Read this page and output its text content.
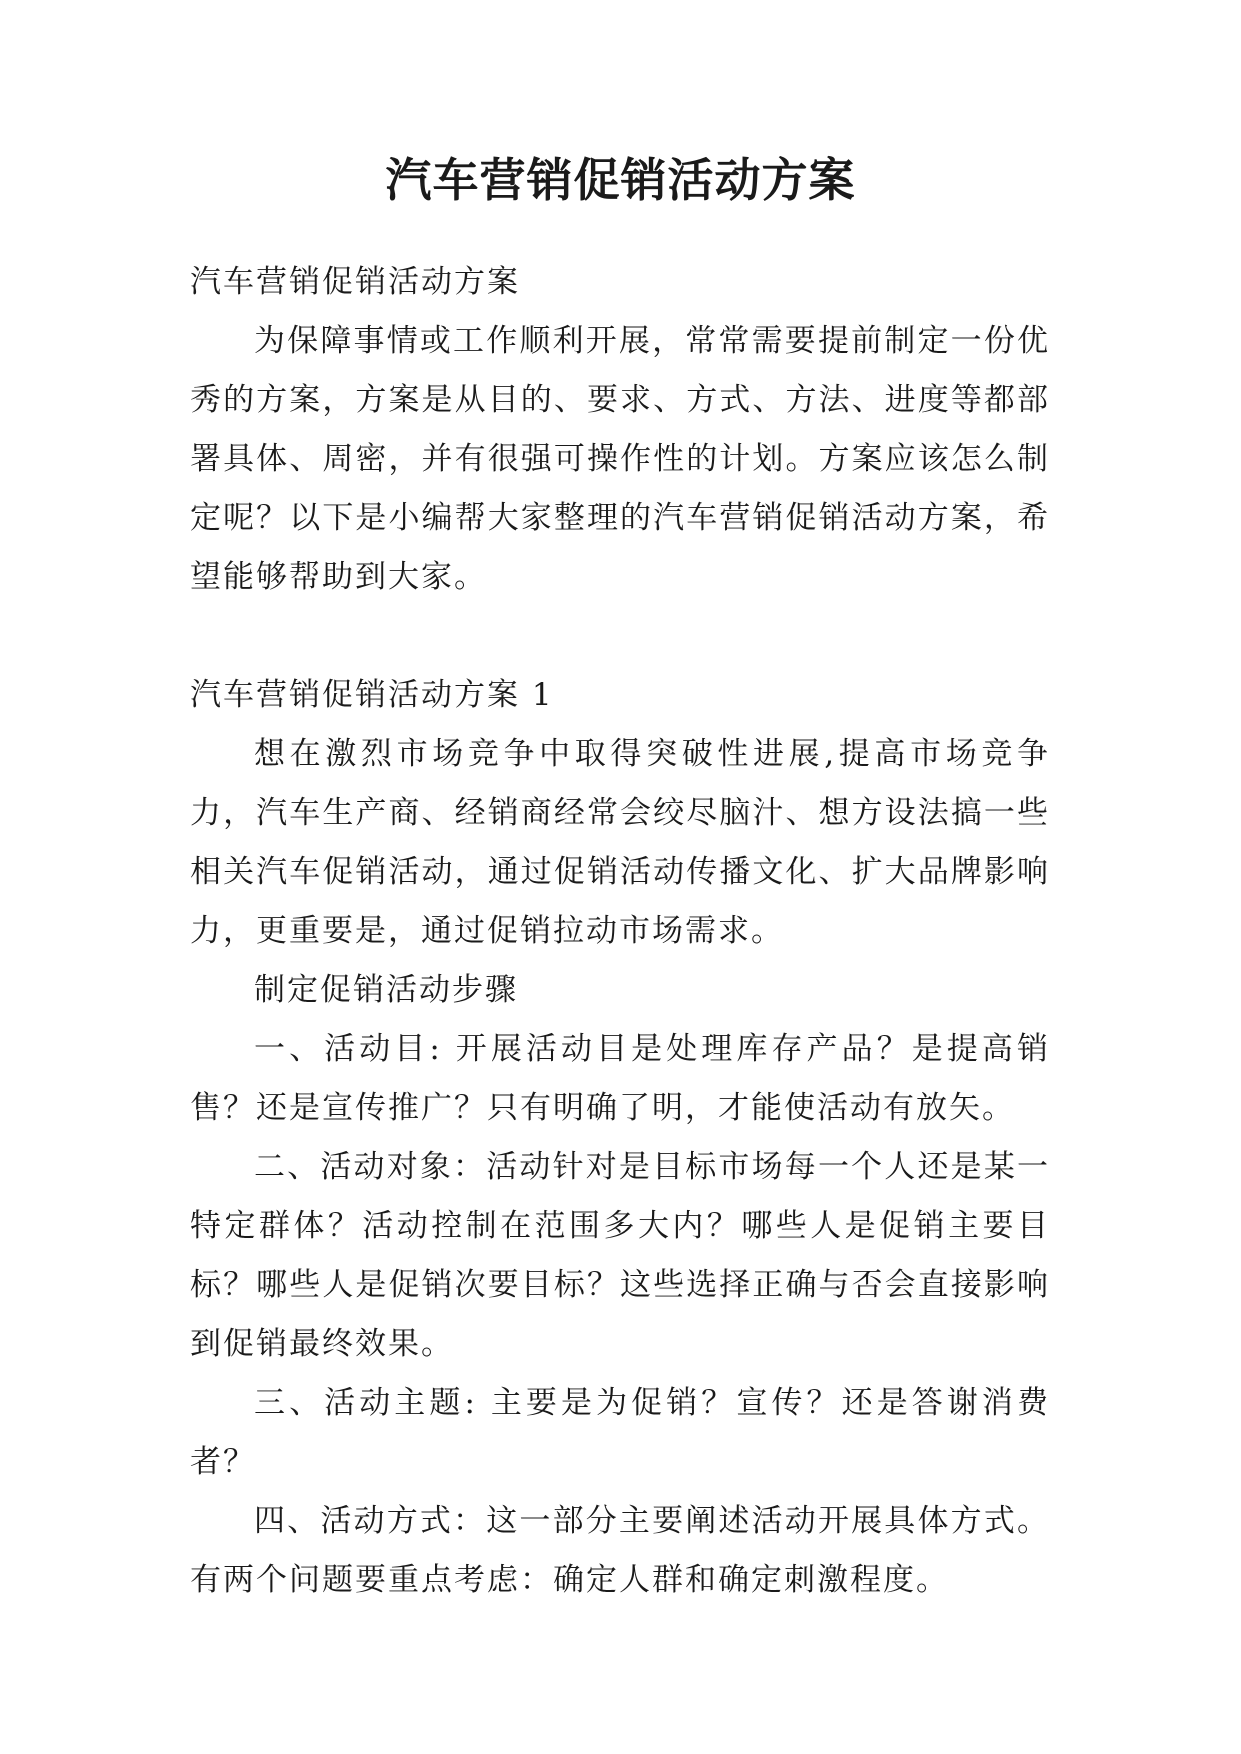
汽车营销促销活动方案

汽车营销促销活动方案

为保障事情或工作顺利开展，常常需要提前制定一份优秀的方案，方案是从目的、要求、方式、方法、进度等都部署具体、周密，并有很强可操作性的计划。方案应该怎么制定呢？以下是小编帮大家整理的汽车营销促销活动方案，希望能够帮助到大家。

汽车营销促销活动方案 1

想在激烈市场竞争中取得突破性进展,提高市场竞争力，汽车生产商、经销商经常会绞尽脑汁、想方设法搞一些相关汽车促销活动，通过促销活动传播文化、扩大品牌影响力，更重要是，通过促销拉动市场需求。

制定促销活动步骤

一、活动目: 开展活动目是处理库存产品？是提高销售？还是宣传推广？只有明确了明，才能使活动有放矢。

二、活动对象：活动针对是目标市场每一个人还是某一特定群体？活动控制在范围多大内？哪些人是促销主要目标？哪些人是促销次要目标？这些选择正确与否会直接影响到促销最终效果。

三、活动主题: 主要是为促销？宣传？还是答谢消费者？

四、活动方式：这一部分主要阐述活动开展具体方式。有两个问题要重点考虑：确定人群和确定刺激程度。
